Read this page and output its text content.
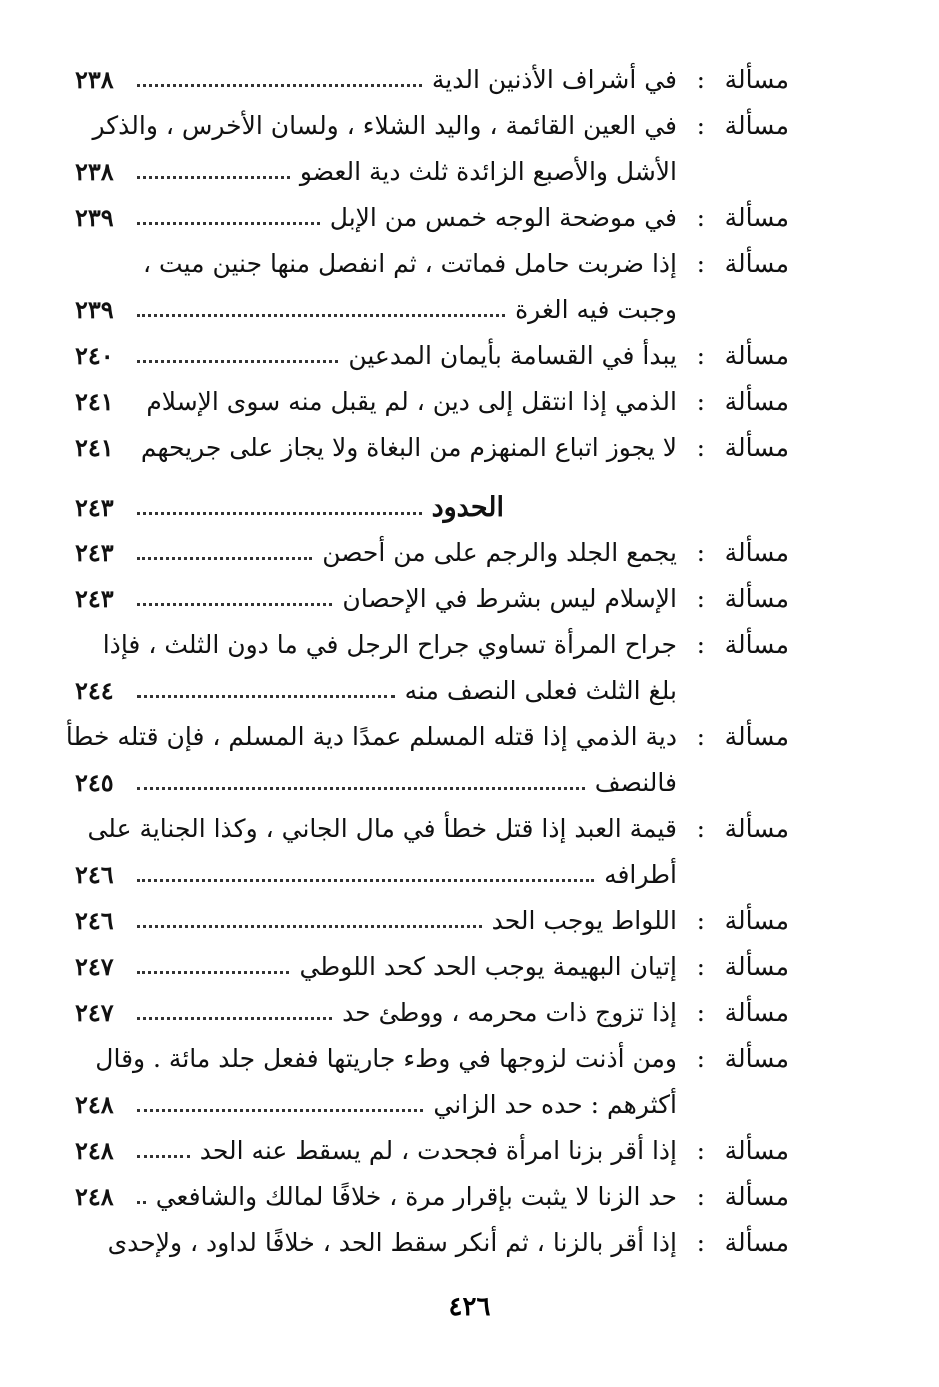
مسألة
:
في أشراف الأذنين الدية
٢٣٨
مسألة
:
في العين القائمة ، واليد الشلاء ، ولسان الأخرس ، والذكر
الأشل والأصبع الزائدة ثلث دية العضو
٢٣٨
مسألة
:
في موضحة الوجه خمس من الإبل
٢٣٩
مسألة
:
إذا ضربت حامل فماتت ، ثم انفصل منها جنين ميت ،
وجبت فيه الغرة
٢٣٩
مسألة
:
يبدأ في القسامة بأيمان المدعين
٢٤٠
مسألة
:
الذمي إذا انتقل إلى دين ، لم يقبل منه سوى الإسلام
٢٤١
مسألة
:
لا يجوز اتباع المنهزم من البغاة ولا يجاز على جريحهم
٢٤١
الحدود
٢٤٣
مسألة
:
يجمع الجلد والرجم على من أحصن
٢٤٣
مسألة
:
الإسلام ليس بشرط في الإحصان
٢٤٣
مسألة
:
جراح المرأة تساوي جراح الرجل في ما دون الثلث ، فإذا
بلغ الثلث فعلى النصف منه
٢٤٤
مسألة
:
دية الذمي إذا قتله المسلم عمدًا دية المسلم ، فإن قتله خطأ
فالنصف
٢٤٥
مسألة
:
قيمة العبد إذا قتل خطأ في مال الجاني ، وكذا الجناية على
أطرافه
٢٤٦
مسألة
:
اللواط يوجب الحد
٢٤٦
مسألة
:
إتيان البهيمة يوجب الحد كحد اللوطي
٢٤٧
مسألة
:
إذا تزوج ذات محرمه ، ووطئ حد
٢٤٧
مسألة
:
ومن أذنت لزوجها في وطء جاريتها ففعل جلد مائة . وقال
أكثرهم : حده حد الزاني
٢٤٨
مسألة
:
إذا أقر بزنا امرأة فجحدت ، لم يسقط عنه الحد
٢٤٨
مسألة
:
حد الزنا لا يثبت بإقرار مرة ، خلافًا لمالك والشافعي
٢٤٨
مسألة
:
إذا أقر بالزنا ، ثم أنكر سقط الحد ، خلافًا لداود ، ولإحدى
٤٢٦
